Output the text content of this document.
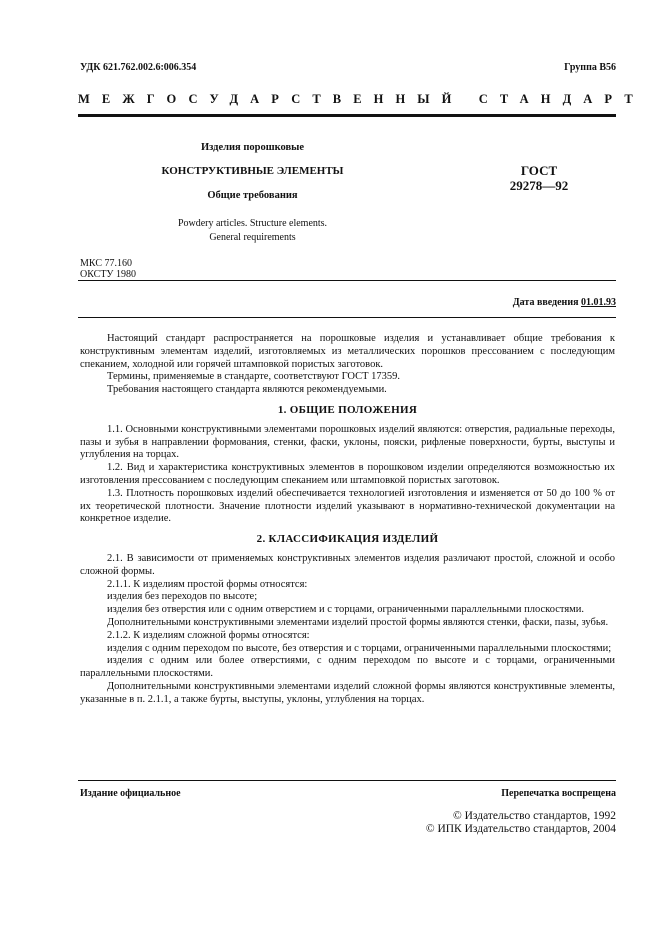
УДК 621.762.002.6:006.354	Группа В56
МЕЖГОСУДАРСТВЕННЫЙ СТАНДАРТ
Изделия порошковые
КОНСТРУКТИВНЫЕ ЭЛЕМЕНТЫ
Общие требования
Powdery articles. Structure elements.
General requirements
ГОСТ
29278—92
МКС 77.160
ОКСТУ 1980
Дата введения 01.01.93

Настоящий стандарт распространяется на порошковые изделия и устанавливает общие требования к конструктивным элементам изделий, изготовляемых из металлических порошков прессованием с последующим спеканием, холодной или горячей штамповкой пористых заготовок.

Термины, применяемые в стандарте, соответствуют ГОСТ 17359.

Требования настоящего стандарта являются рекомендуемыми.

1. ОБЩИЕ ПОЛОЖЕНИЯ

1.1. Основными конструктивными элементами порошковых изделий являются: отверстия, радиальные переходы, пазы и зубья в направлении формования, стенки, фаски, уклоны, пояски, рифленые поверхности, бурты, выступы и углубления на торцах.

1.2. Вид и характеристика конструктивных элементов в порошковом изделии определяются возможностью их изготовления прессованием с последующим спеканием или штамповкой пористых заготовок.

1.3. Плотность порошковых изделий обеспечивается технологией изготовления и изменяется от 50 до 100 % от их теоретической плотности. Значение плотности изделий указывают в нормативно-технической документации на конкретное изделие.

2. КЛАССИФИКАЦИЯ ИЗДЕЛИЙ

2.1. В зависимости от применяемых конструктивных элементов изделия различают простой, сложной и особо сложной формы.

2.1.1. К изделиям простой формы относятся:

изделия без переходов по высоте;

изделия без отверстия или с одним отверстием и с торцами, ограниченными параллельными плоскостями.

Дополнительными конструктивными элементами изделий простой формы являются стенки, фаски, пазы, зубья.

2.1.2. К изделиям сложной формы относятся:

изделия с одним переходом по высоте, без отверстия и с торцами, ограниченными параллельными плоскостями;

изделия с одним или более отверстиями, с одним переходом по высоте и с торцами, ограниченными параллельными плоскостями.

Дополнительными конструктивными элементами изделий сложной формы являются конструктивные элементы, указанные в п. 2.1.1, а также бурты, выступы, уклоны, углубления на торцах.

Издание официальное	Перепечатка воспрещена
© Издательство стандартов, 1992
© ИПК Издательство стандартов, 2004
